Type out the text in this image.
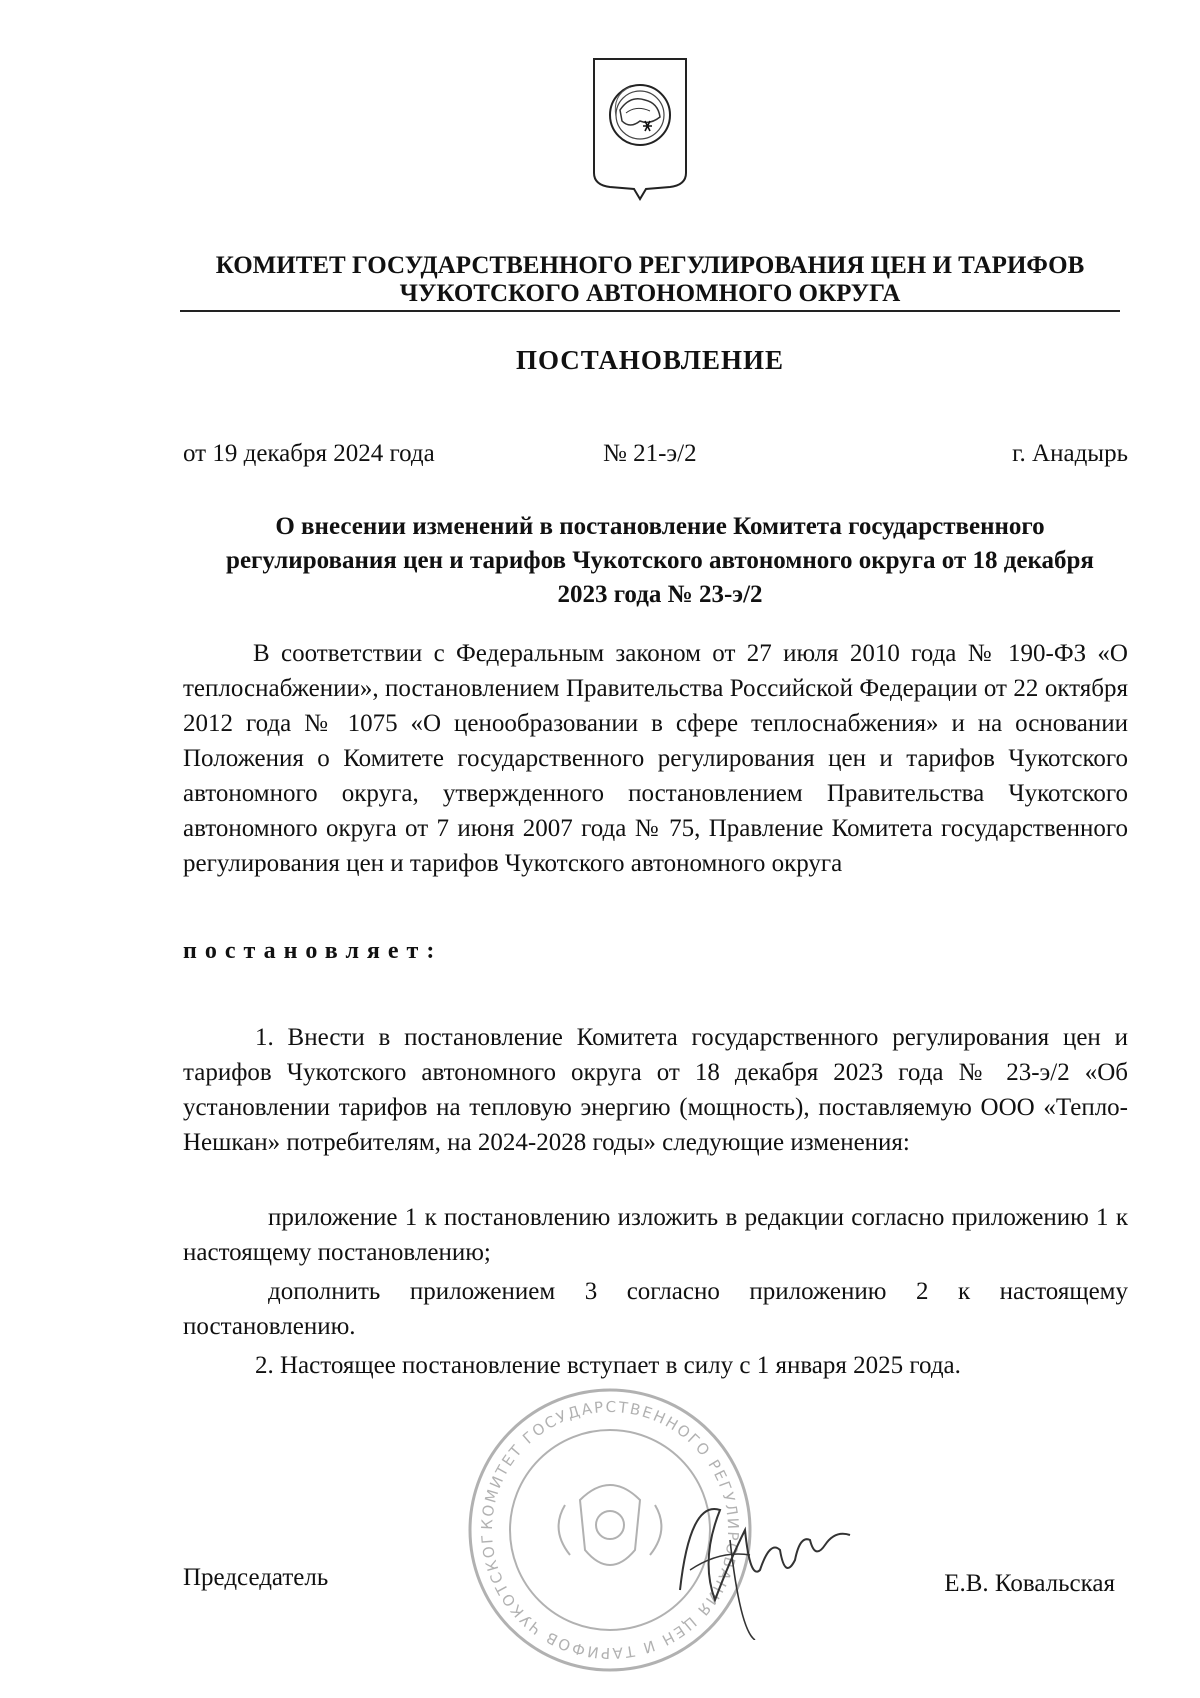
КОМИТЕТ ГОСУДАРСТВЕННОГО РЕГУЛИРОВАНИЯ ЦЕН И ТАРИФОВ
ЧУКОТСКОГО АВТОНОМНОГО ОКРУГА
ПОСТАНОВЛЕНИЕ
от 19 декабря 2024 года	№ 21-э/2	г. Анадырь
О внесении изменений в постановление Комитета государственного регулирования цен и тарифов Чукотского автономного округа от 18 декабря 2023 года № 23-э/2
В соответствии с Федеральным законом от 27 июля 2010 года № 190-ФЗ «О теплоснабжении», постановлением Правительства Российской Федерации от 22 октября 2012 года № 1075 «О ценообразовании в сфере теплоснабжения» и на основании Положения о Комитете государственного регулирования цен и тарифов Чукотского автономного округа, утвержденного постановлением Правительства Чукотского автономного округа от 7 июня 2007 года № 75, Правление Комитета государственного регулирования цен и тарифов Чукотского автономного округа
постановляет:
1. Внести в постановление Комитета государственного регулирования цен и тарифов Чукотского автономного округа от 18 декабря 2023 года № 23-э/2 «Об установлении тарифов на тепловую энергию (мощность), поставляемую ООО «Тепло-Нешкан» потребителям, на 2024-2028 годы» следующие изменения:
приложение 1 к постановлению изложить в редакции согласно приложению 1 к настоящему постановлению;
дополнить приложением 3 согласно приложению 2 к настоящему постановлению.
2. Настоящее постановление вступает в силу с 1 января 2025 года.
КОМИТЕТ ГОСУДАРСТВЕННОГО РЕГУЛИРОВАНИЯ ЦЕН И ТАРИФОВ ЧУКОТСКОГ
Председатель	Е.В. Ковальская
